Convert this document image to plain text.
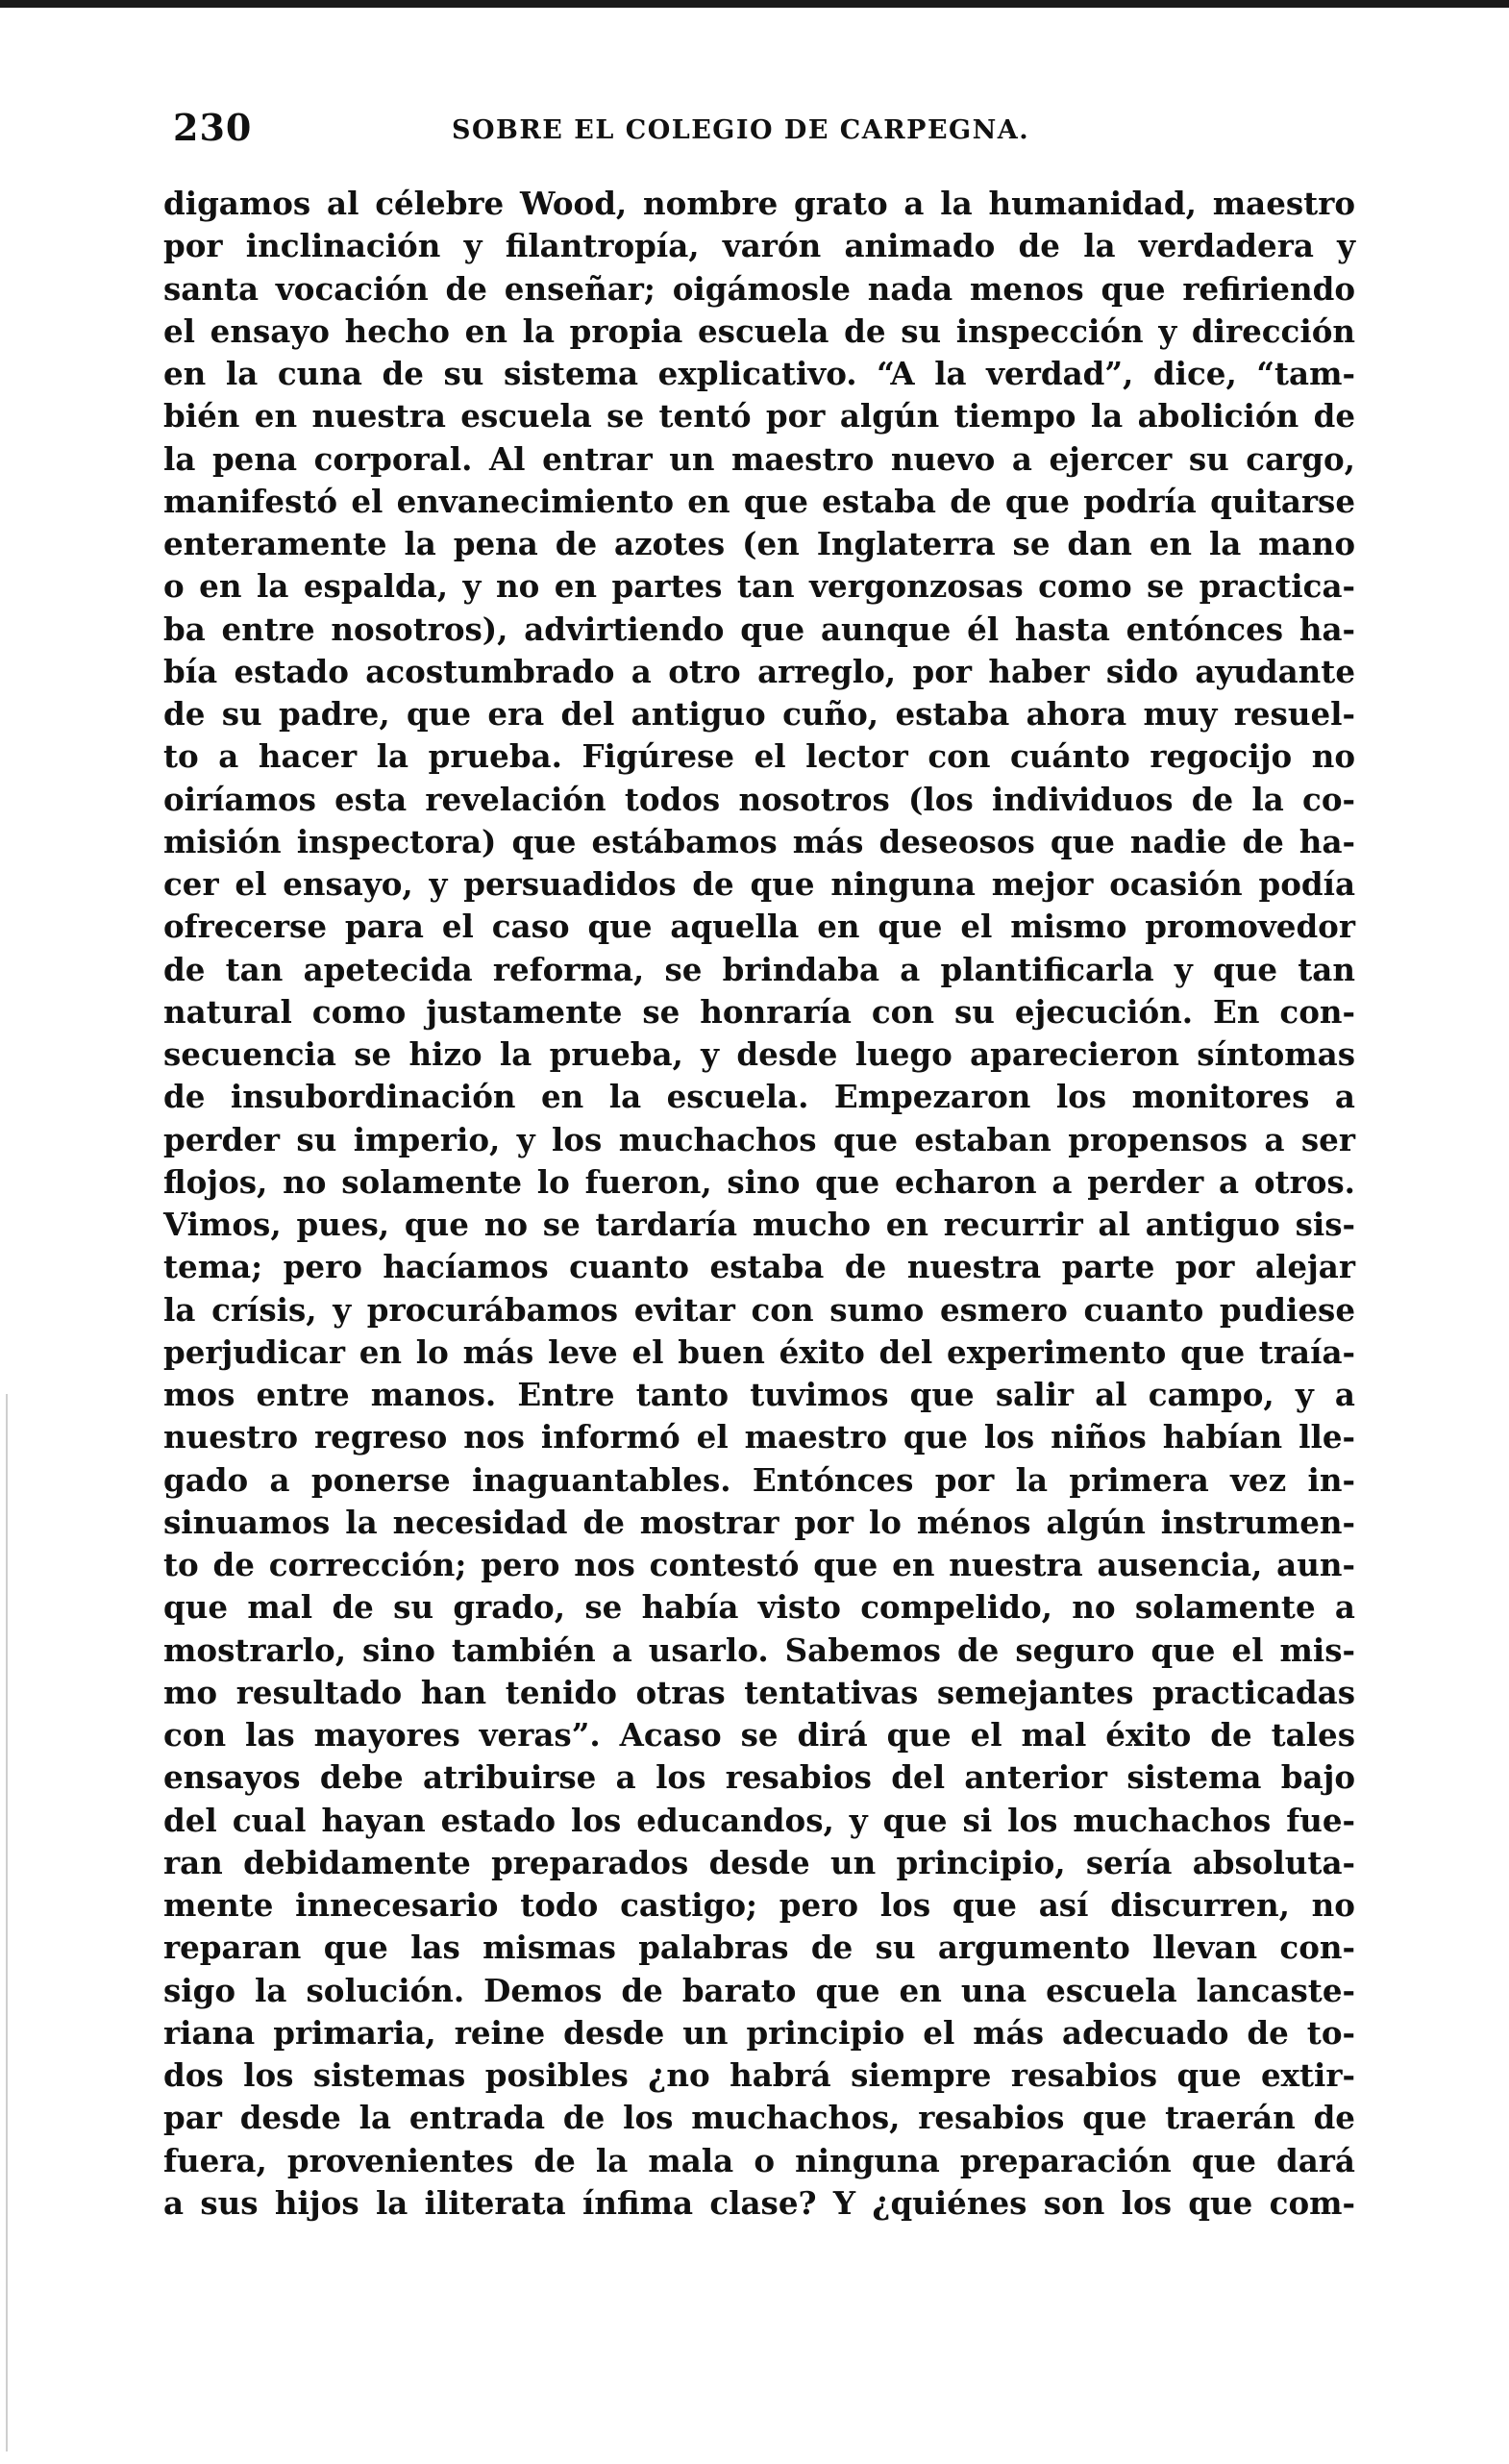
230	SOBRE EL COLEGIO DE CARPEGNA.
digamos al célebre Wood, nombre grato a la humanidad, maestro
por inclinación y filantropía, varón animado de la verdadera y
santa vocación de enseñar; oigámosle nada menos que refiriendo
el ensayo hecho en la propia escuela de su inspección y dirección
en la cuna de su sistema explicativo. “A la verdad”, dice, “tam-
bién en nuestra escuela se tentó por algún tiempo la abolición de
la pena corporal. Al entrar un maestro nuevo a ejercer su cargo,
manifestó el envanecimiento en que estaba de que podría quitarse
enteramente la pena de azotes (en Inglaterra se dan en la mano
o en la espalda, y no en partes tan vergonzosas como se practica-
ba entre nosotros), advirtiendo que aunque él hasta entónces ha-
bía estado acostumbrado a otro arreglo, por haber sido ayudante
de su padre, que era del antiguo cuño, estaba ahora muy resuel-
to a hacer la prueba. Figúrese el lector con cuánto regocijo no
oiríamos esta revelación todos nosotros (los individuos de la co-
misión inspectora) que estábamos más deseosos que nadie de ha-
cer el ensayo, y persuadidos de que ninguna mejor ocasión podía
ofrecerse para el caso que aquella en que el mismo promovedor
de tan apetecida reforma, se brindaba a plantificarla y que tan
natural como justamente se honraría con su ejecución. En con-
secuencia se hizo la prueba, y desde luego aparecieron síntomas
de insubordinación en la escuela. Empezaron los monitores a
perder su imperio, y los muchachos que estaban propensos a ser
flojos, no solamente lo fueron, sino que echaron a perder a otros.
Vimos, pues, que no se tardaría mucho en recurrir al antiguo sis-
tema; pero hacíamos cuanto estaba de nuestra parte por alejar
la crísis, y procurábamos evitar con sumo esmero cuanto pudiese
perjudicar en lo más leve el buen éxito del experimento que traía-
mos entre manos. Entre tanto tuvimos que salir al campo, y a
nuestro regreso nos informó el maestro que los niños habían lle-
gado a ponerse inaguantables. Entónces por la primera vez in-
sinuamos la necesidad de mostrar por lo ménos algún instrumen-
to de corrección; pero nos contestó que en nuestra ausencia, aun-
que mal de su grado, se había visto compelido, no solamente a
mostrarlo, sino también a usarlo. Sabemos de seguro que el mis-
mo resultado han tenido otras tentativas semejantes practicadas
con las mayores veras”. Acaso se dirá que el mal éxito de tales
ensayos debe atribuirse a los resabios del anterior sistema bajo
del cual hayan estado los educandos, y que si los muchachos fue-
ran debidamente preparados desde un principio, sería absoluta-
mente innecesario todo castigo; pero los que así discurren, no
reparan que las mismas palabras de su argumento llevan con-
sigo la solución. Demos de barato que en una escuela lancaste-
riana primaria, reine desde un principio el más adecuado de to-
dos los sistemas posibles ¿no habrá siempre resabios que extir-
par desde la entrada de los muchachos, resabios que traerán de
fuera, provenientes de la mala o ninguna preparación que dará
a sus hijos la iliterata ínfima clase? Y ¿quiénes son los que com-
